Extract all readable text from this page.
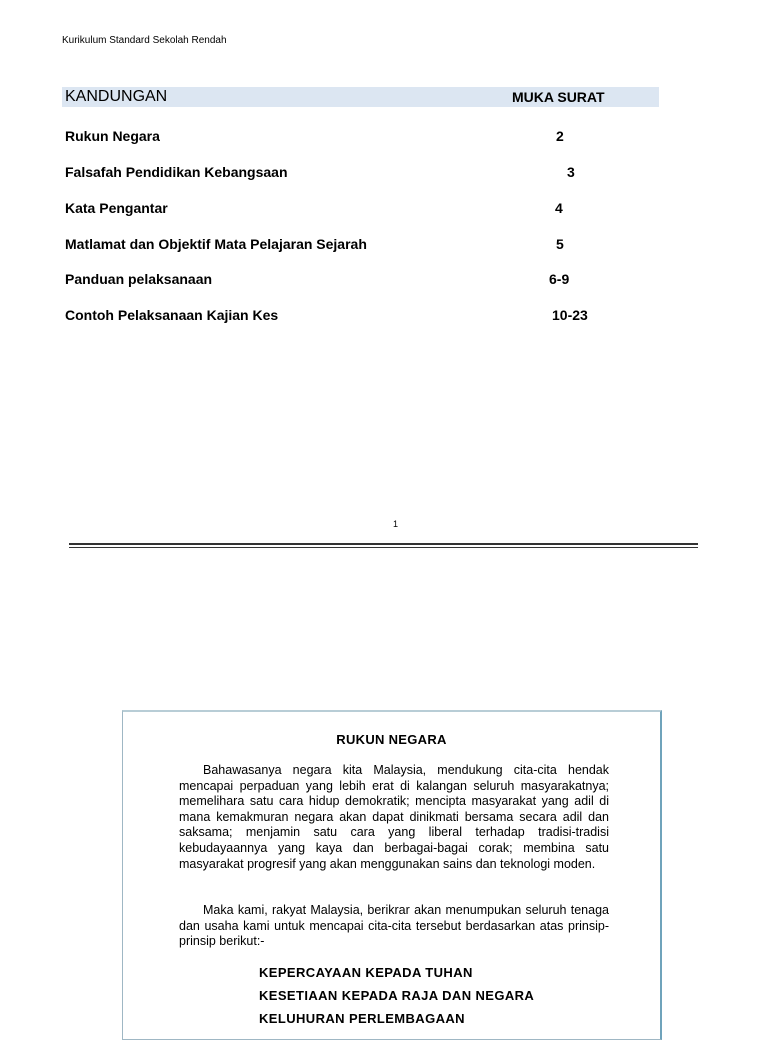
Kurikulum Standard Sekolah Rendah
KANDUNGAN	MUKA SURAT
Rukun Negara	2
Falsafah Pendidikan Kebangsaan	3
Kata Pengantar	4
Matlamat dan Objektif Mata Pelajaran Sejarah	5
Panduan pelaksanaan	6-9
Contoh Pelaksanaan Kajian Kes	10-23
1
RUKUN NEGARA

Bahawasanya negara kita Malaysia, mendukung cita-cita hendak mencapai perpaduan yang lebih erat di kalangan seluruh masyarakatnya; memelihara satu cara hidup demokratik; mencipta masyarakat yang adil di mana kemakmuran negara akan dapat dinikmati bersama secara adil dan saksama; menjamin satu cara yang liberal terhadap tradisi-tradisi kebudayaannya yang kaya dan berbagai-bagai corak; membina satu masyarakat progresif yang akan menggunakan sains dan teknologi moden.

Maka kami, rakyat Malaysia, berikrar akan menumpukan seluruh tenaga dan usaha kami untuk mencapai cita-cita tersebut berdasarkan atas prinsip-prinsip berikut:-

KEPERCAYAAN KEPADA TUHAN
KESETIAAN KEPADA RAJA DAN NEGARA
KELUHURAN PERLEMBAGAAN
